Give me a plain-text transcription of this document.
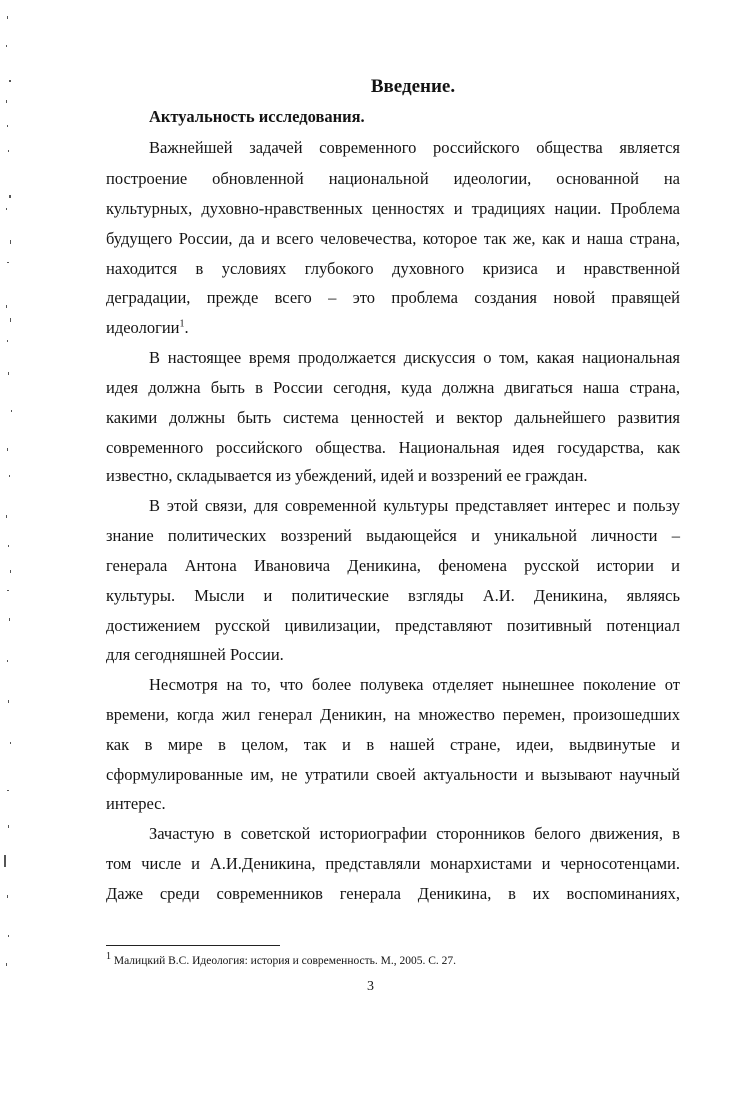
Введение.
Актуальность исследования.
Важнейшей задачей современного российского общества является
построение обновленной национальной идеологии, основанной на
культурных, духовно-нравственных ценностях и традициях нации. Проблема
будущего России, да и всего человечества, которое так же, как и наша страна,
находится в условиях глубокого духовного кризиса и нравственной
деградации, прежде всего – это проблема создания новой правящей
идеологии$^1$.
В настоящее время продолжается дискуссия о том, какая национальная
идея должна быть в России сегодня, куда должна двигаться наша страна,
какими должны быть система ценностей и вектор дальнейшего развития
современного российского общества. Национальная идея государства, как
известно, складывается из убеждений, идей и воззрений ее граждан.
В этой связи, для современной культуры представляет интерес и пользу
знание политических воззрений выдающейся и уникальной личности –
генерала Антона Ивановича Деникина, феномена русской истории и
культуры. Мысли и политические взгляды А.И. Деникина, являясь
достижением русской цивилизации, представляют позитивный потенциал
для сегодняшней России.
Несмотря на то, что более полувека отделяет нынешнее поколение от
времени, когда жил генерал Деникин, на множество перемен, произошедших
как в мире в целом, так и в нашей стране, идеи, выдвинутые и
сформулированные им, не утратили своей актуальности и вызывают научный
интерес.
Зачастую в советской историографии сторонников белого движения, в
том числе и А.И.Деникина, представляли монархистами и черносотенцами.
Даже среди современников генерала Деникина, в их воспоминаниях,
$^1$ Малицкий В.С. Идеология: история и современность. М., 2005. С. 27.
3
